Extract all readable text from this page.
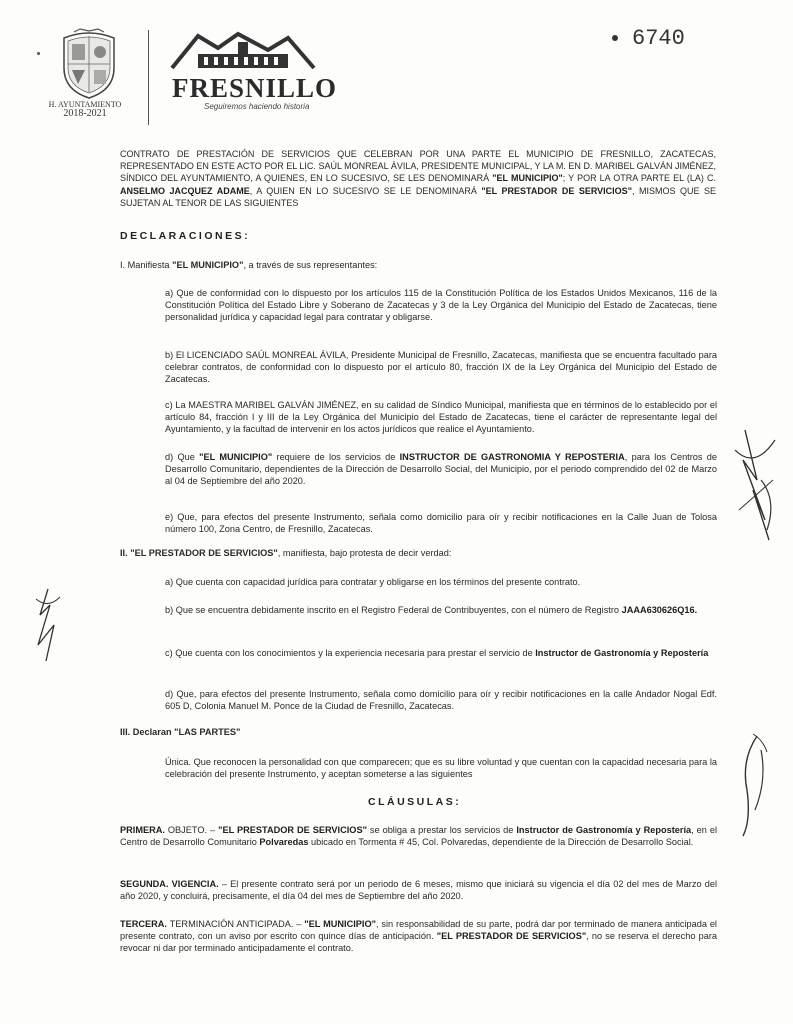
H. AYUNTAMIENTO
2018-2021
FRESNILLO
Seguiremos haciendo historia
6740
CONTRATO DE PRESTACIÓN DE SERVICIOS QUE CELEBRAN POR UNA PARTE EL MUNICIPIO DE FRESNILLO, ZACATECAS, REPRESENTADO EN ESTE ACTO POR EL LIC. SAÚL MONREAL ÁVILA, PRESIDENTE MUNICIPAL, Y LA M. EN D. MARIBEL GALVÁN JIMÉNEZ, SÍNDICO DEL AYUNTAMIENTO, A QUIENES, EN LO SUCESIVO, SE LES DENOMINARÁ "EL MUNICIPIO"; Y POR LA OTRA PARTE EL (LA) C. ANSELMO JACQUEZ ADAME, A QUIEN EN LO SUCESIVO SE LE DENOMINARÁ "EL PRESTADOR DE SERVICIOS", MISMOS QUE SE SUJETAN AL TENOR DE LAS SIGUIENTES
DECLARACIONES:
I. Manifiesta "EL MUNICIPIO", a través de sus representantes:
a) Que de conformidad con lo dispuesto por los artículos 115 de la Constitución Política de los Estados Unidos Mexicanos, 116 de la Constitución Política del Estado Libre y Soberano de Zacatecas y 3 de la Ley Orgánica del Municipio del Estado de Zacatecas, tiene personalidad jurídica y capacidad legal para contratar y obligarse.
b) El LICENCIADO SAÚL MONREAL ÁVILA, Presidente Municipal de Fresnillo, Zacatecas, manifiesta que se encuentra facultado para celebrar contratos, de conformidad con lo dispuesto por el artículo 80, fracción IX de la Ley Orgánica del Municipio del Estado de Zacatecas.
c) La MAESTRA MARIBEL GALVÁN JIMÉNEZ, en su calidad de Síndico Municipal, manifiesta que en términos de lo establecido por el artículo 84, fracción I y III de la Ley Orgánica del Municipio del Estado de Zacatecas, tiene el carácter de representante legal del Ayuntamiento, y la facultad de intervenir en los actos jurídicos que realice el Ayuntamiento.
d) Que "EL MUNICIPIO" requiere de los servicios de INSTRUCTOR DE GASTRONOMIA Y REPOSTERIA, para los Centros de Desarrollo Comunitario, dependientes de la Dirección de Desarrollo Social, del Municipio, por el periodo comprendido del 02 de Marzo al 04 de Septiembre del año 2020.
e) Que, para efectos del presente Instrumento, señala como domicilio para oír y recibir notificaciones en la Calle Juan de Tolosa número 100, Zona Centro, de Fresnillo, Zacatecas.
II. "EL PRESTADOR DE SERVICIOS", manifiesta, bajo protesta de decir verdad:
a) Que cuenta con capacidad jurídica para contratar y obligarse en los términos del presente contrato.
b) Que se encuentra debidamente inscrito en el Registro Federal de Contribuyentes, con el número de Registro JAAA630626Q16.
c) Que cuenta con los conocimientos y la experiencia necesaria para prestar el servicio de Instructor de Gastronomía y Repostería
d) Que, para efectos del presente Instrumento, señala como domicilio para oír y recibir notificaciones en la calle Andador Nogal Edf. 605 D, Colonia Manuel M. Ponce de la Ciudad de Fresnillo, Zacatecas.
III. Declaran "LAS PARTES"
Única. Que reconocen la personalidad con que comparecen; que es su libre voluntad y que cuentan con la capacidad necesaria para la celebración del presente Instrumento, y aceptan someterse a las siguientes
CLÁUSULAS:
PRIMERA. OBJETO. – "EL PRESTADOR DE SERVICIOS" se obliga a prestar los servicios de Instructor de Gastronomía y Repostería, en el Centro de Desarrollo Comunitario Polvaredas ubicado en Tormenta # 45, Col. Polvaredas, dependiente de la Dirección de Desarrollo Social.
SEGUNDA. VIGENCIA. – El presente contrato será por un periodo de 6 meses, mismo que iniciará su vigencia el día 02 del mes de Marzo del año 2020, y concluirá, precisamente, el día 04 del mes de Septiembre del año 2020.
TERCERA. TERMINACIÓN ANTICIPADA. – "EL MUNICIPIO", sin responsabilidad de su parte, podrá dar por terminado de manera anticipada el presente contrato, con un aviso por escrito con quince días de anticipación. "EL PRESTADOR DE SERVICIOS", no se reserva el derecho para revocar ni dar por terminado anticipadamente el contrato.
